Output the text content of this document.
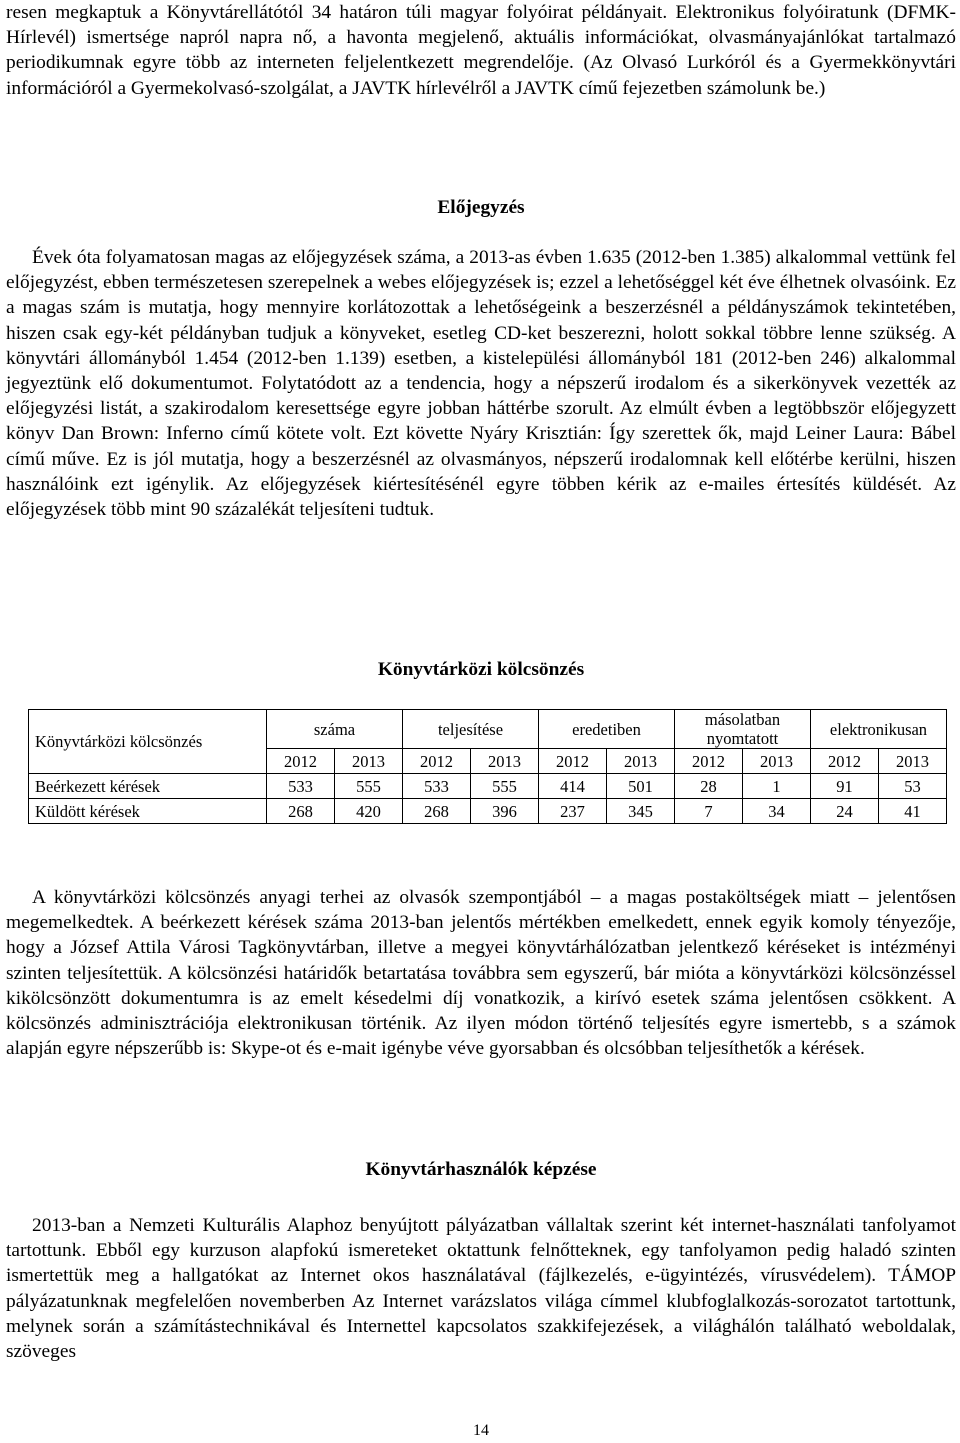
resen megkaptuk a Könyvtárellátótól 34 határon túli magyar folyóirat példányait. Elektronikus folyóiratunk (DFMK-Hírlevél) ismertsége napról napra nő, a havonta megjelenő, aktuális információkat, olvasmányajánlókat tartalmazó periodikumnak egyre több az interneten feljelentkezett megrendelője. (Az Olvasó Lurkóról és a Gyermekkönyvtári információról a Gyermekolvasó-szolgálat, a JAVTK hírlevélről a JAVTK című fejezetben számolunk be.)

Előjegyzés

Évek óta folyamatosan magas az előjegyzések száma, a 2013-as évben 1.635 (2012-ben 1.385) alkalommal vettünk fel előjegyzést, ebben természetesen szerepelnek a webes előjegyzések is; ezzel a lehetőséggel két éve élhetnek olvasóink. Ez a magas szám is mutatja, hogy mennyire korlátozottak a lehetőségeink a beszerzésnél a példányszámok tekintetében, hiszen csak egy-két példányban tudjuk a könyveket, esetleg CD-ket beszerezni, holott sokkal többre lenne szükség. A könyvtári állományból 1.454 (2012-ben 1.139) esetben, a kistelepülési állományból 181 (2012-ben 246) alkalommal jegyeztünk elő dokumentumot. Folytatódott az a tendencia, hogy a népszerű irodalom és a sikerkönyvek vezették az előjegyzési listát, a szakirodalom keresettsége egyre jobban háttérbe szorult. Az elmúlt évben a legtöbbször előjegyzett könyv Dan Brown: Inferno című kötete volt. Ezt követte Nyáry Krisztián: Így szerettek ők, majd Leiner Laura: Bábel című műve. Ez is jól mutatja, hogy a beszerzésnél az olvasmányos, népszerű irodalomnak kell előtérbe kerülni, hiszen használóink ezt igénylik. Az előjegyzések kiértesítésénél egyre többen kérik az e-mailes értesítés küldését. Az előjegyzések több mint 90 százalékát teljesíteni tudtuk.

Könyvtárközi kölcsönzés
Könyvtárközi kölcsönzés	száma		teljesítése		eredetiben		másolatban nyomtatott		elektronikusan	
	2012	2013	2012	2013	2012	2013	2012	2013	2012	2013
Beérkezett kérések	533	555	533	555	414	501	28	1	91	53
Küldött kérések	268	420	268	396	237	345	7	34	24	41

A könyvtárközi kölcsönzés anyagi terhei az olvasók szempontjából – a magas postaköltségek miatt – jelentősen megemelkedtek. A beérkezett kérések száma 2013-ban jelentős mértékben emelkedett, ennek egyik komoly tényezője, hogy a József Attila Városi Tagkönyvtárban, illetve a megyei könyvtárhálózatban jelentkező kéréseket is intézményi szinten teljesítettük. A kölcsönzési határidők betartatása továbbra sem egyszerű, bár mióta a könyvtárközi kölcsönzéssel kikölcsönzött dokumentumra is az emelt késedelmi díj vonatkozik, a kirívó esetek száma jelentősen csökkent. A kölcsönzés adminisztrációja elektronikusan történik. Az ilyen módon történő teljesítés egyre ismertebb, s a számok alapján egyre népszerűbb is: Skype-ot és e-mait igénybe véve gyorsabban és olcsóbban teljesíthetők a kérések.

Könyvtárhasználók képzése

2013-ban a Nemzeti Kulturális Alaphoz benyújtott pályázatban vállaltak szerint két internet-használati tanfolyamot tartottunk. Ebből egy kurzuson alapfokú ismereteket oktattunk felnőtteknek, egy tanfolyamon pedig haladó szinten ismertettük meg a hallgatókat az Internet okos használatával (fájlkezelés, e-ügyintézés, vírusvédelem). TÁMOP pályázatunknak megfelelően novemberben Az Internet varázslatos világa címmel klubfoglalkozás-sorozatot tartottunk, melynek során a számítástechnikával és Internettel kapcsolatos szakkifejezések, a világhálón található weboldalak, szöveges

14
